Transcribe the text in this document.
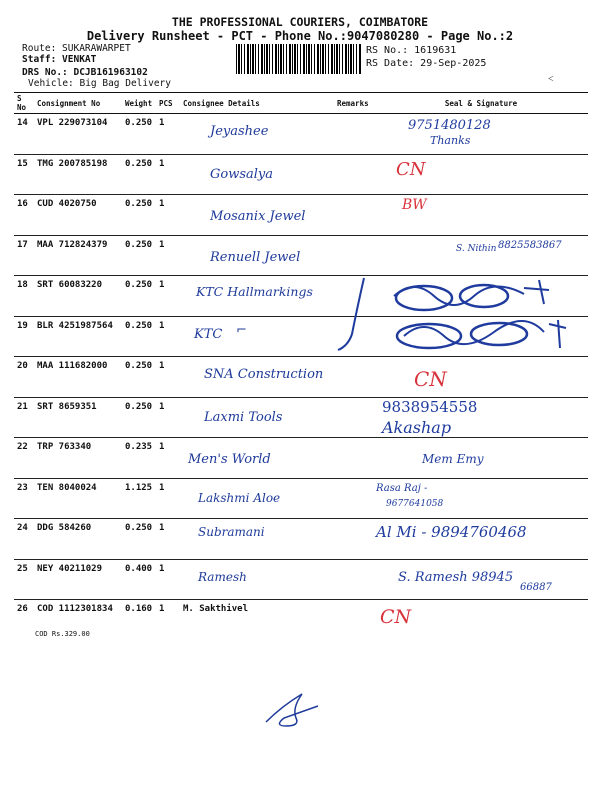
THE PROFESSIONAL COURIERS, COIMBATORE
Delivery Runsheet - PCT - Phone No.:9047080280 - Page No.:2
Route: SUKARAWARPET
Staff: VENKAT
DRS No.: DCJB161963102
Vehicle: Big Bag Delivery
RS No.: 1619631
RS Date: 29-Sep-2025
˂
S No	Consignment No	Weight	PCS	Consignee Details	Remarks	Seal & Signature
14	VPL 229073104	0.250	1	Jeyashee		9751480128
Thanks

15	TMG 200785198	0.250	1	Gowsalya		CN

16	CUD 4020750	0.250	1	Mosanix Jewel		BW

17	MAA 712824379	0.250	1	Renuell Jewel		S. Nithin 8825583867

18	SRT 60083220	0.250	1	KTC Hallmarkings

19	BLR 4251987564	0.250	1	KTC ⌐		

20	MAA 111682000	0.250	1	SNA Construction		CN

21	SRT 8659351	0.250	1	Laxmi Tools		9838954558
Akashap

22	TRP 763340	0.235	1	Men's World		Mem Emy

23	TEN 8040024	1.125	1	Lakshmi Aloe		Rasa Raj -
9677641058

24	DDG 584260	0.250	1	Subramani		Al Mi - 9894760468

25	NEY 40211029	0.400	1	Ramesh		S. Ramesh 98945
66887

26	COD 1112301834	0.160	1	M. Sakthivel		CN
COD Rs.329.00
